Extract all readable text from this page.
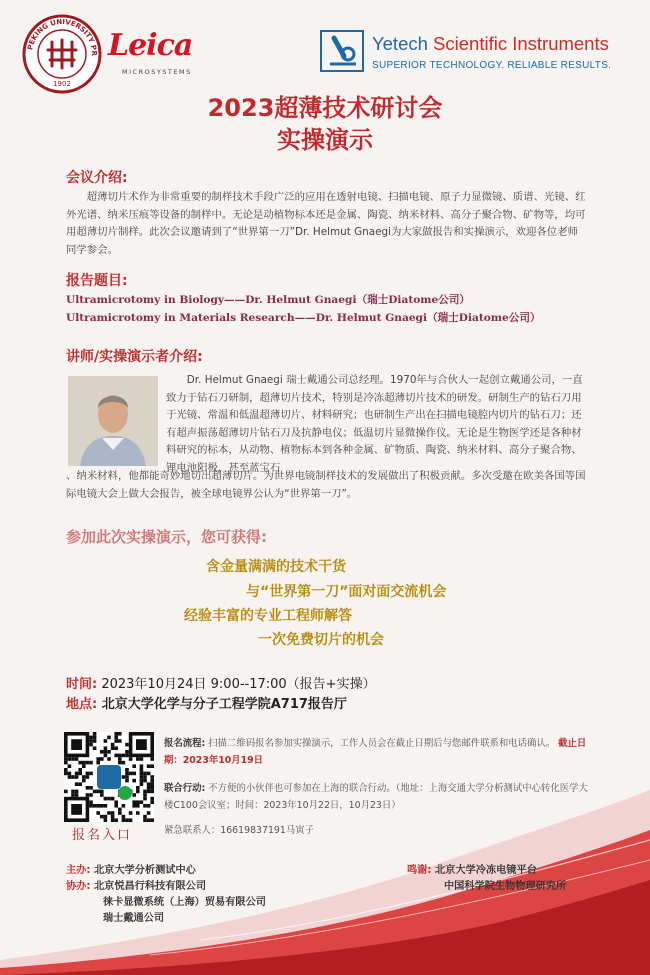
PEKING UNIVERSITY PR
1902
Leica
MICROSYSTEMS
Yetech Scientific Instruments
SUPERIOR TECHNOLOGY. RELIABLE RESULTS.
2023超薄技术研讨会
实操演示
会议介绍:
超薄切片术作为非常重要的制样技术手段广泛的应用在透射电镜、扫描电镜、原子力显微镜、质谱、光镜、红外光谱、纳米压痕等设备的制样中。无论是动植物标本还是金属、陶瓷、纳米材料、高分子聚合物、矿物等，均可用超薄切片制样。此次会议邀请到了“世界第一刀”Dr. Helmut Gnaegi为大家做报告和实操演示，欢迎各位老师同学参会。
报告题目:
Ultramicrotomy in Biology——Dr. Helmut Gnaegi（瑞士Diatome公司）
Ultramicrotomy in Materials Research——Dr. Helmut Gnaegi（瑞士Diatome公司）
讲师/实操演示者介绍:
Dr. Helmut Gnaegi 瑞士戴通公司总经理。1970年与合伙人一起创立戴通公司，一直致力于钻石刀研制，超薄切片技术，特别是冷冻超薄切片技术的研发。研制生产的钻石刀用于光镜、常温和低温超薄切片、材料研究；也研制生产出在扫描电镜腔内切片的钻石刀；还有超声振荡超薄切片钻石刀及抗静电仪；低温切片显微操作仪。无论是生物医学还是各种材料研究的标本，从动物、植物标本到各种金属、矿物质、陶瓷、纳米材料、高分子聚合物、锂电池阳极，甚至蓝宝石
、纳米材料，他都能奇妙地切出超薄切片。为世界电镜制样技术的发展做出了积极贡献。多次受邀在欧美各国等国际电镜大会上做大会报告，被全球电镜界公认为“世界第一刀”。
参加此次实操演示，您可获得:
含金量满满的技术干货
与“世界第一刀”面对面交流机会
经验丰富的专业工程师解答
一次免费切片的机会
时间: 2023年10月24日 9:00--17:00（报告+实操）
地点: 北京大学化学与分子工程学院A717报告厅
报名入口
报名流程: 扫描二维码报名参加实操演示，工作人员会在截止日期后与您邮件联系和电话确认。 截止日期：2023年10月19日
联合行动: 不方便的小伙伴也可参加在上海的联合行动。（地址：上海交通大学分析测试中心转化医学大楼C100会议室；时间：2023年10月22日，10月23日）
紧急联系人：16619837191马寅子
主办: 北京大学分析测试中心
协办: 北京悦昌行科技有限公司
徕卡显微系统（上海）贸易有限公司
瑞士戴通公司
鸣谢: 北京大学冷冻电镜平台
中国科学院生物物理研究所
